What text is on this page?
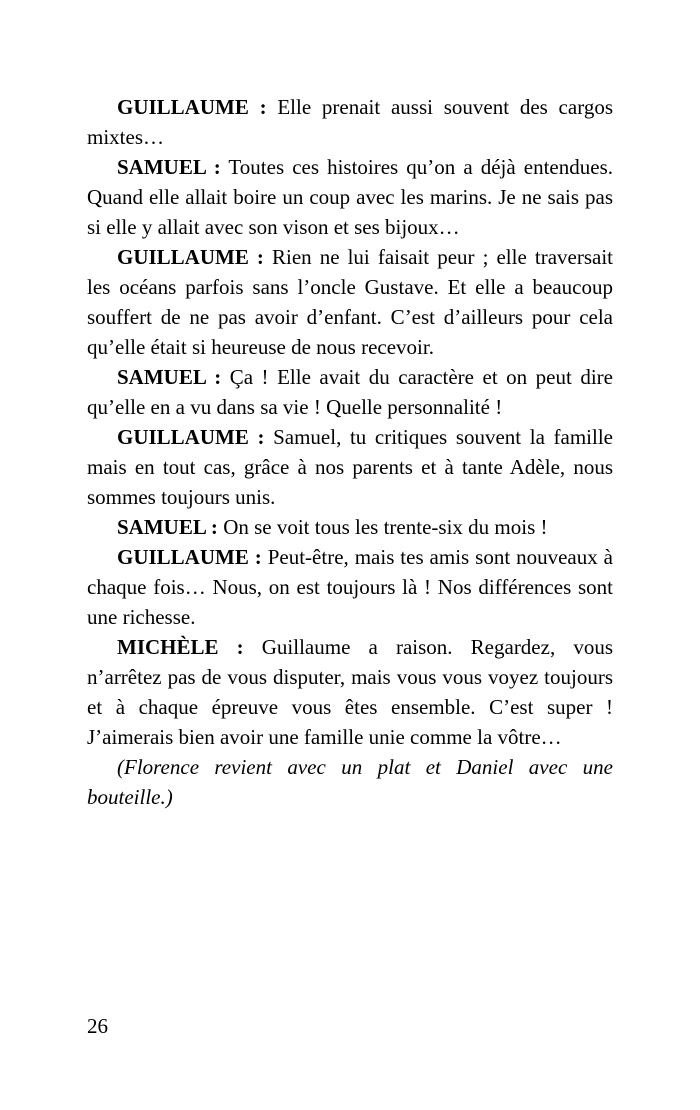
GUILLAUME : Elle prenait aussi souvent des cargos mixtes…

SAMUEL : Toutes ces histoires qu’on a déjà entendues. Quand elle allait boire un coup avec les marins. Je ne sais pas si elle y allait avec son vison et ses bijoux…

GUILLAUME : Rien ne lui faisait peur ; elle traversait les océans parfois sans l’oncle Gustave. Et elle a beaucoup souffert de ne pas avoir d’enfant. C’est d’ailleurs pour cela qu’elle était si heureuse de nous recevoir.

SAMUEL : Ça ! Elle avait du caractère et on peut dire qu’elle en a vu dans sa vie ! Quelle personnalité !

GUILLAUME : Samuel, tu critiques souvent la famille mais en tout cas, grâce à nos parents et à tante Adèle, nous sommes toujours unis.

SAMUEL : On se voit tous les trente-six du mois !

GUILLAUME : Peut-être, mais tes amis sont nouveaux à chaque fois… Nous, on est toujours là ! Nos différences sont une richesse.

MICHÈLE : Guillaume a raison. Regardez, vous n’arrêtez pas de vous disputer, mais vous vous voyez toujours et à chaque épreuve vous êtes ensemble. C’est super ! J’aimerais bien avoir une famille unie comme la vôtre…

(Florence revient avec un plat et Daniel avec une bouteille.)

26
